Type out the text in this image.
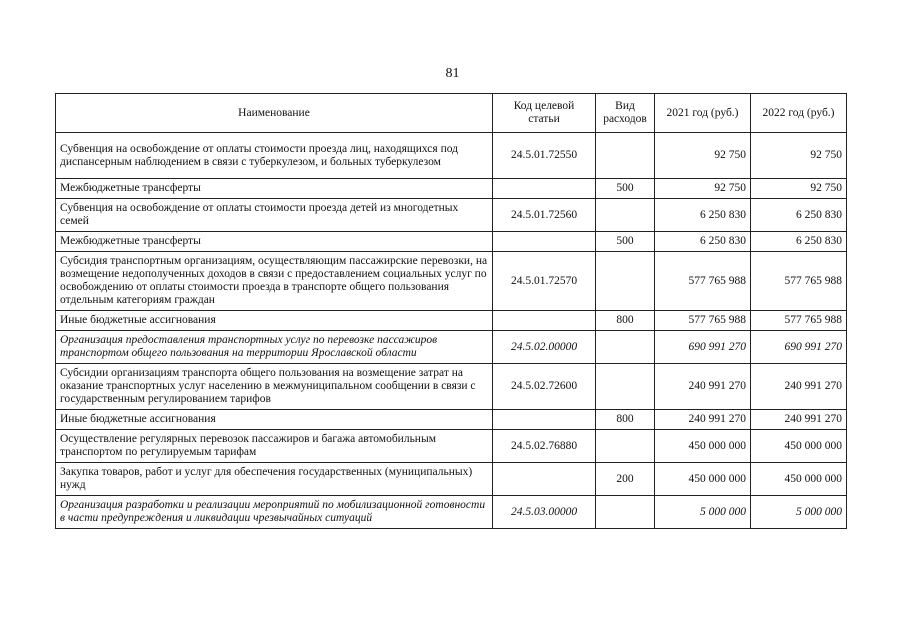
81
Наименование	Код целевой статьи	Вид расходов	2021 год (руб.)	2022 год (руб.)
Субвенция на освобождение от оплаты стоимости проезда лиц, находящихся под диспансерным наблюдением в связи с туберкулезом, и больных туберкулезом	24.5.01.72550		92 750	92 750
Межбюджетные трансферты		500	92 750	92 750
Субвенция на освобождение от оплаты стоимости проезда детей из многодетных семей	24.5.01.72560		6 250 830	6 250 830
Межбюджетные трансферты		500	6 250 830	6 250 830
Субсидия транспортным организациям, осуществляющим пассажирские перевозки, на возмещение недополученных доходов в связи с предоставлением социальных услуг по освобождению от оплаты стоимости проезда в транспорте общего пользования отдельным категориям граждан	24.5.01.72570		577 765 988	577 765 988
Иные бюджетные ассигнования		800	577 765 988	577 765 988
Организация предоставления транспортных услуг по перевозке пассажиров транспортом общего пользования на территории Ярославской области	24.5.02.00000		690 991 270	690 991 270
Субсидии организациям транспорта общего пользования на возмещение затрат на оказание транспортных услуг населению в межмуниципальном сообщении в связи с государственным регулированием тарифов	24.5.02.72600		240 991 270	240 991 270
Иные бюджетные ассигнования		800	240 991 270	240 991 270
Осуществление регулярных перевозок пассажиров и багажа автомобильным транспортом по регулируемым тарифам	24.5.02.76880		450 000 000	450 000 000
Закупка товаров, работ и услуг для обеспечения государственных (муниципальных) нужд		200	450 000 000	450 000 000
Организация разработки и реализации мероприятий по мобилизационной готовности в части предупреждения и ликвидации чрезвычайных ситуаций	24.5.03.00000		5 000 000	5 000 000
